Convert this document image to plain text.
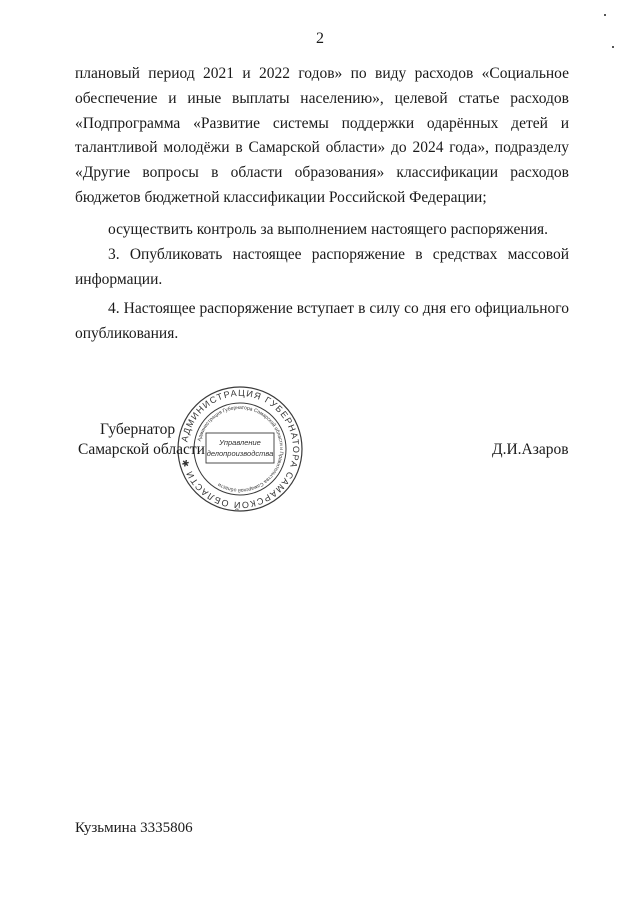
2

плановый период 2021 и 2022 годов» по виду расходов «Социальное обеспечение и иные выплаты населению», целевой статье расходов «Подпрограмма «Развитие системы поддержки одарённых детей и талантливой молодёжи в Самарской области» до 2024 года», подразделу «Другие вопросы в области образования» классификации расходов бюджетов бюджетной классификации Российской Федерации;

осуществить контроль за выполнением настоящего распоряжения.

3. Опубликовать настоящее распоряжение в средствах массовой информации.

4. Настоящее распоряжение вступает в силу со дня его официального опубликования.

АДМИНИСТРАЦИЯ ГУБЕРНАТОРА САМАРСКОЙ ОБЛАСТИ ✱
Администрация Губернатора Самарской области и Правительства Самарской области
Управление
делопроизводства
Губернатор
Самарской области	Д.И.Азаров
Кузьмина 3335806
